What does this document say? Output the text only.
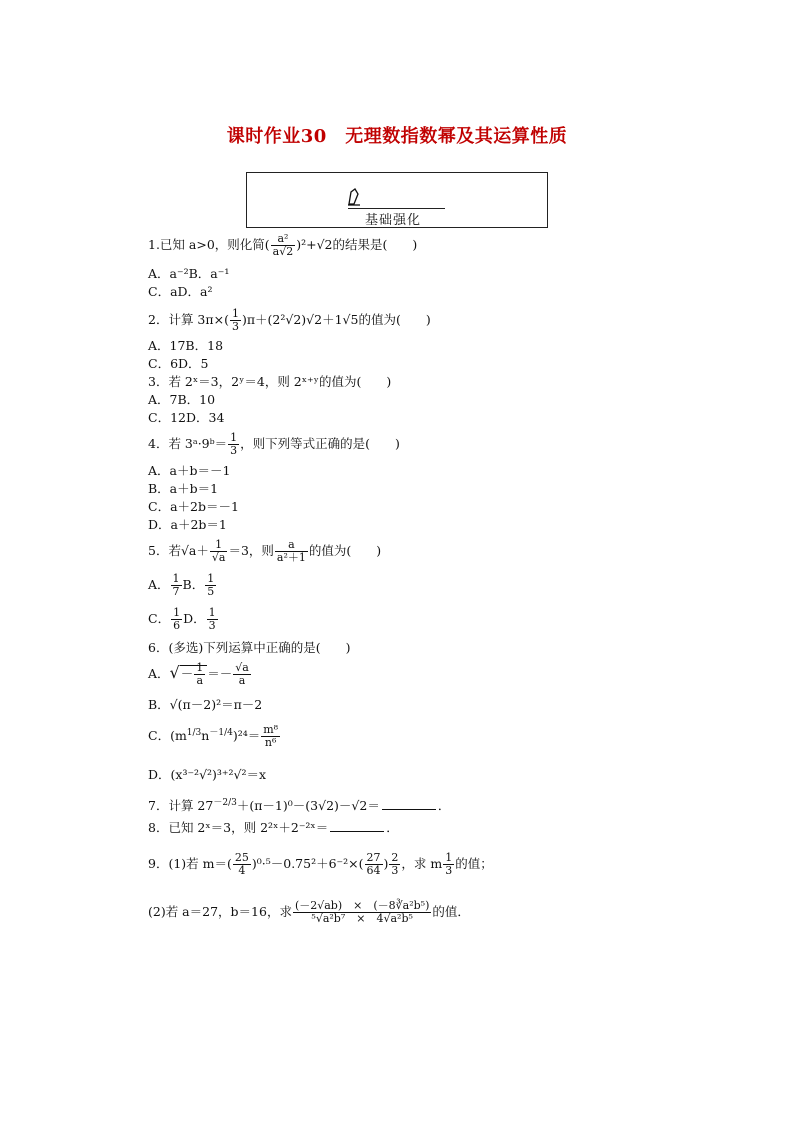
课时作业30　无理数指数幂及其运算性质
基础强化
1.已知 a>0，则化简( $\frac{\text{a²}}{a√2} )^2+√2$的结果是(　　)
A．a⁻²B．a⁻¹
C．aD．a²
2．计算 $3\pi\times( \frac{1}{3} )\pi+(2^2√2)√2+1√5$的值为(　　)
A．17B．18
C．6D．5
3．若 2ˣ＝3，2ʸ＝4，则 2ˣ⁺ʸ的值为(　　)
A．7B．10
C．12D．34
4．若 3ᵃ·9ᵇ＝ $\frac{1}{3}$ ，则下列等式正确的是(　　)
A．a＋b＝－1
B．a＋b＝1
C．a＋2b＝－1
D．a＋2b＝1
5．若$√a+ \frac{1}{√a} =3$，则 $\frac{a}{\text{a²＋1}}$ 的值为(　　)
A． $\frac{1}{7}$ B． $\frac{1}{5}$
C． $\frac{1}{6}$ D． $\frac{1}{3}$
6．(多选)下列运算中正确的是(　　)
A．√－ $\frac{1}{a} =- \frac{√a}{a}$
B．√(π－2)²＝π－2
C．$(m^{1/3}n^{-1/4})^{24}= \frac{\text{m⁸}}{\text{n⁶}}$
D．(x³⁻²√²)³⁺²√²＝x
7．计算 $27^{-2/3}+(\pi-1)^0-(3√2)-√2=$	．
8．已知 2ˣ＝3，则 2²ˣ＋2⁻²ˣ＝	．
9．(1)若 $m=( \frac{25}{4} )^0\cdot^5-0.75^2+6^{-2}\times( \frac{27}{64}$ ) $\frac{2}{3}$ ，求 m $\frac{1}{3}$ 的值；
(2)若 a＝27，b＝16，求 $\frac{\text{(－2√ab)　×　(－8∛a²b⁵)}}{\text{⁵√a²b⁷　×　4√a²b⁵}}$ 的值．
